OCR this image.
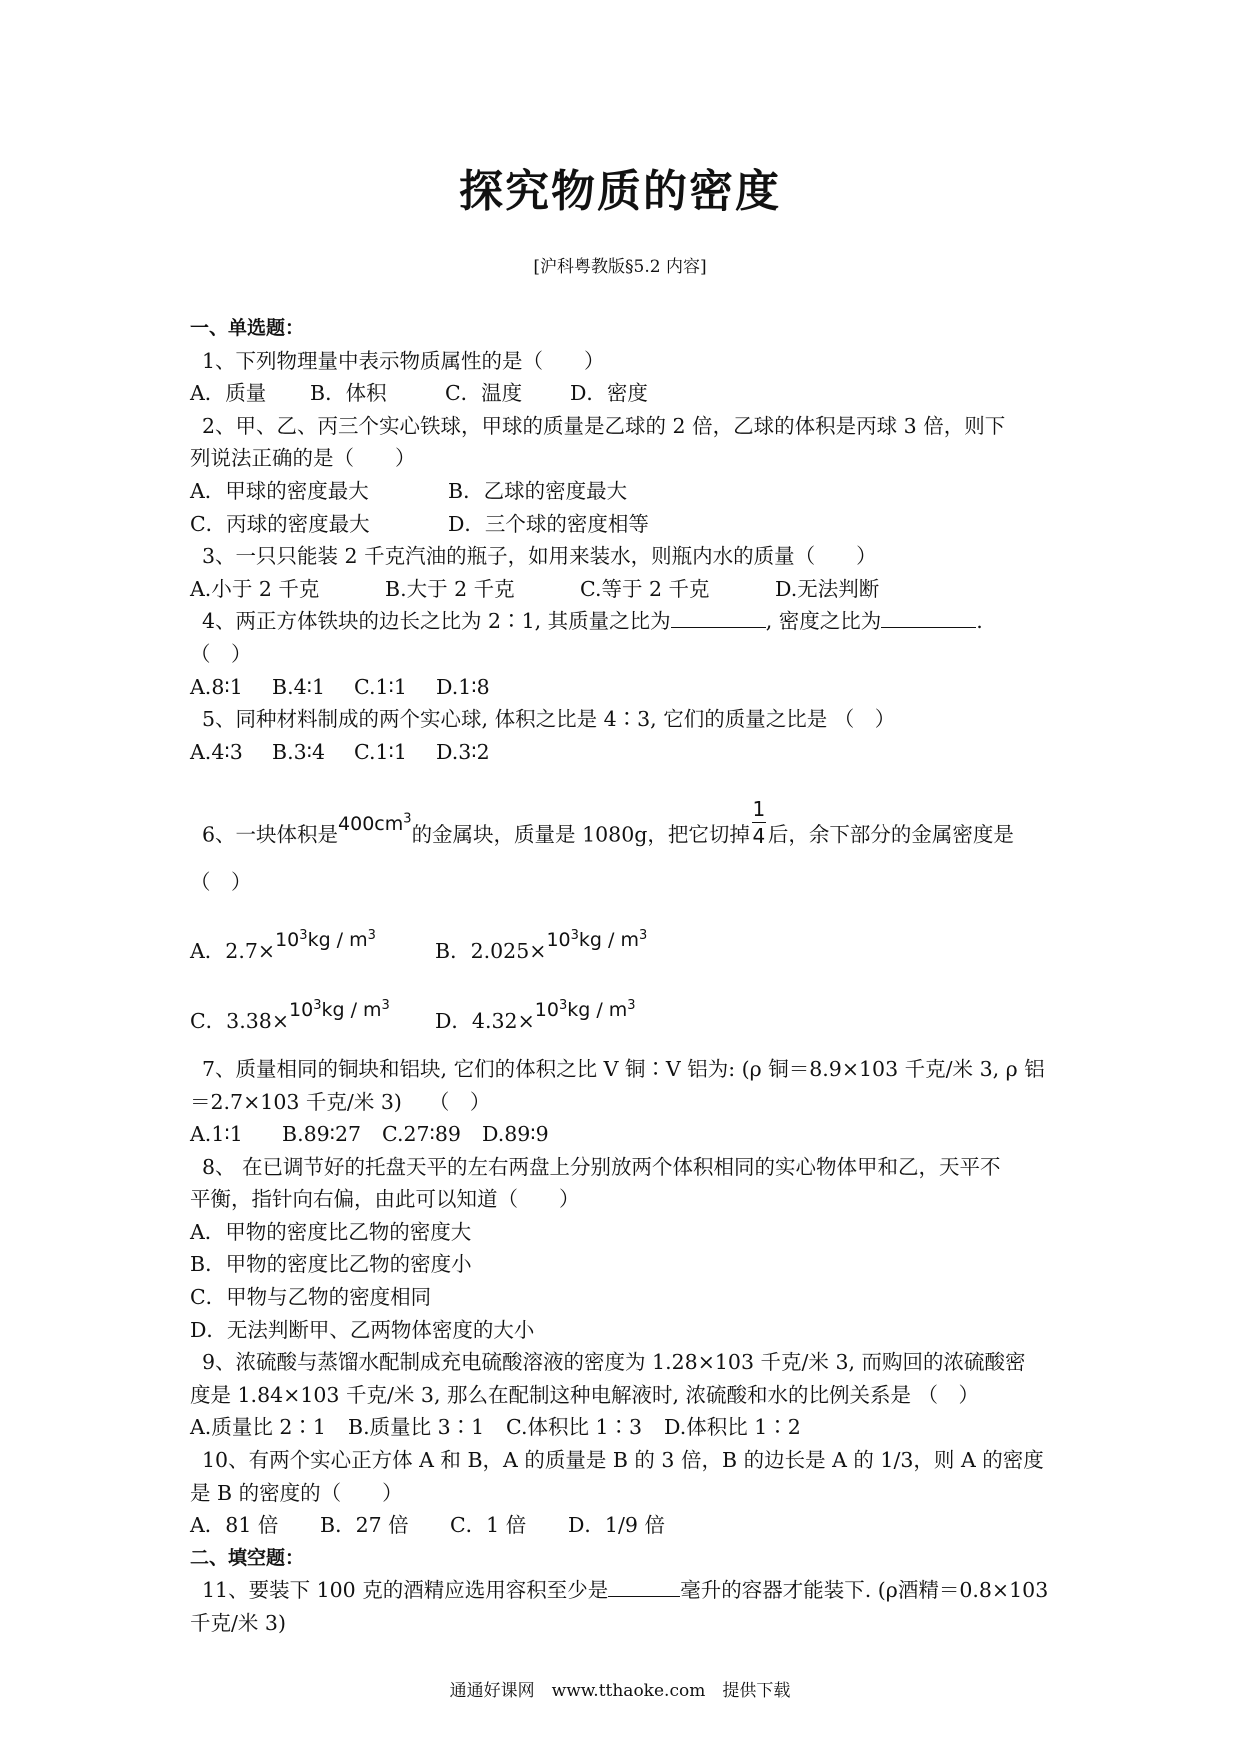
探究物质的密度
[沪科粤教版§5.2 内容]
一、单选题：
1、下列物理量中表示物质属性的是（　　）
A．质量 B．体积	C．温度 D．密度
2、甲、乙、丙三个实心铁球，甲球的质量是乙球的 2 倍，乙球的体积是丙球 3 倍，则下
列说法正确的是（　　）
A．甲球的密度最大	B．乙球的密度最大
C．丙球的密度最大	D．三个球的密度相等
3、一只只能装 2 千克汽油的瓶子，如用来装水，则瓶内水的质量（　　）
A.小于 2 千克	B.大于 2 千克	C.等于 2 千克	D.无法判断
4、两正方体铁块的边长之比为 2∶1, 其质量之比为	, 密度之比为	.
（　）
A.8∶1 B.4∶1 C.1∶1 D.1∶8
5、同种材料制成的两个实心球, 体积之比是 4∶3, 它们的质量之比是 （　）
A.4∶3 B.3∶4 C.1∶1 D.3∶2
6、一块体积是$400cm^3$的金属块，质量是 1080g，把它切掉 $\frac{1}{4}$ 后，余下部分的金属密度是
（　）
A．$2.7\times 10^3kg / m^3B$．$2.025\times 10^3kg / m^3$
C．$3.38\times 10^3kg / m^3D$．$4.32\times 10^3kg / m^3$
7、质量相同的铜块和铝块, 它们的体积之比 V 铜∶V 铝为: (ρ 铜＝8.9×103 千克/米 3, ρ 铝
＝2.7×103 千克/米 3)　 （　）
A.1∶1 B.89∶27 C.27∶89 D.89∶9
8、 在已调节好的托盘天平的左右两盘上分别放两个体积相同的实心物体甲和乙，天平不
平衡，指针向右偏，由此可以知道（　　）
A．甲物的密度比乙物的密度大
B．甲物的密度比乙物的密度小
C．甲物与乙物的密度相同
D．无法判断甲、乙两物体密度的大小
9、浓硫酸与蒸馏水配制成充电硫酸溶液的密度为 1.28×103 千克/米 3, 而购回的浓硫酸密
度是 1.84×103 千克/米 3, 那么在配制这种电解液时, 浓硫酸和水的比例关系是 （　）
A.质量比 2∶1 B.质量比 3∶1 C.体积比 1∶3 D.体积比 1∶2
10、有两个实心正方体 A 和 B，A 的质量是 B 的 3 倍，B 的边长是 A 的 1/3，则 A 的密度
是 B 的密度的（　　）
A．81 倍 B．27 倍 C．1 倍 D．1/9 倍
二、填空题：
11、要装下 100 克的酒精应选用容积至少是	毫升的容器才能装下. (ρ酒精＝0.8×103
千克/米 3)
通通好课网　www.tthaoke.com　提供下载
